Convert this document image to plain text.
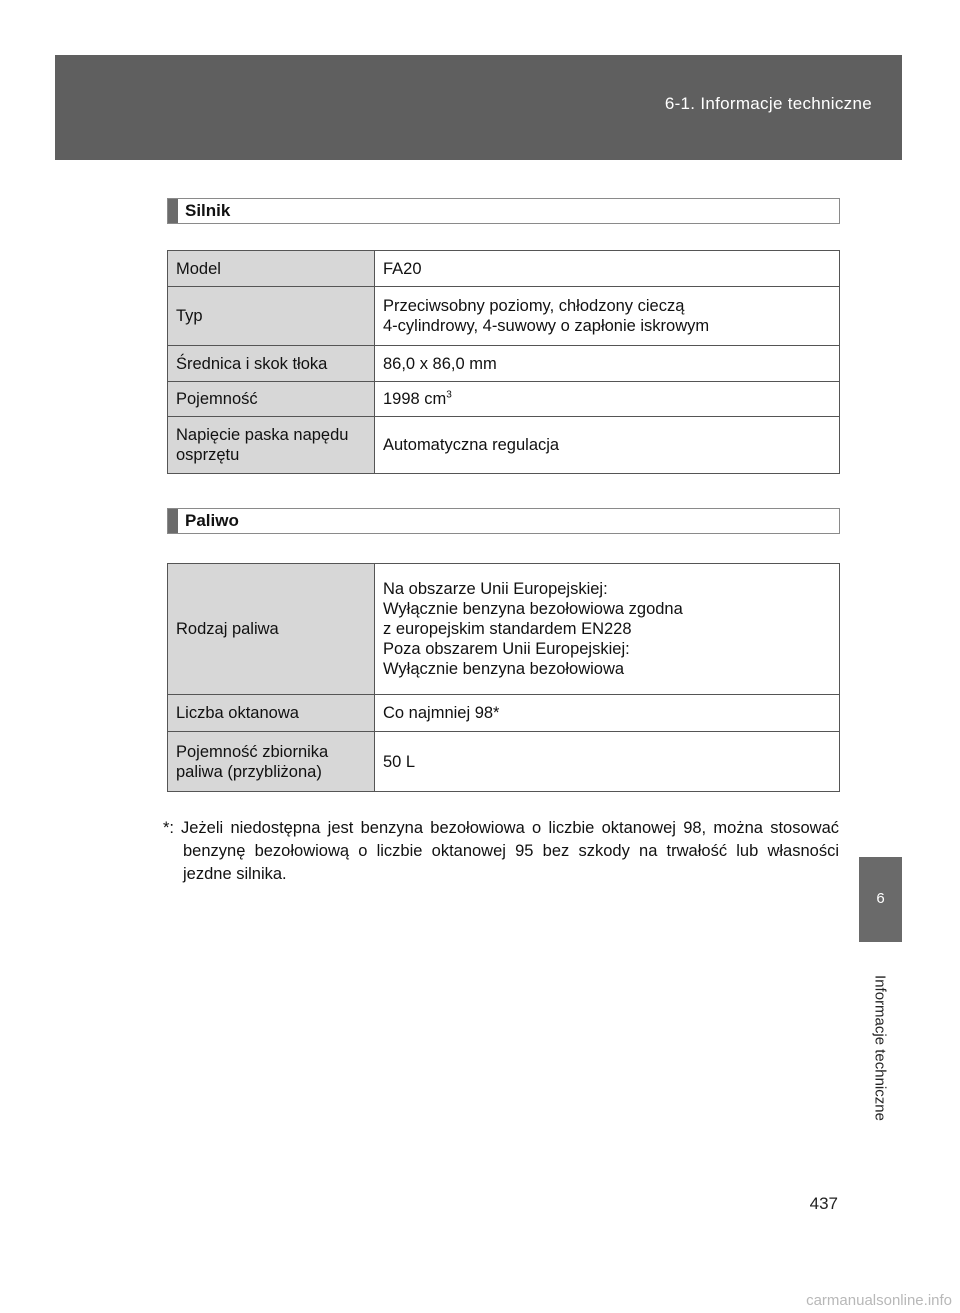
6-1. Informacje techniczne
6
Informacje techniczne
Silnik
Model	FA20
Typ	Przeciwsobny poziomy, chłodzony cieczą
4-cylindrowy, 4-suwowy o zapłonie iskrowym
Średnica i skok tłoka	86,0 x 86,0 mm
Pojemność	1998 $cm^3$
Napięcie paska napędu
osprzętu	Automatyczna regulacja
Paliwo
Rodzaj paliwa	Na obszarze Unii Europejskiej:
Wyłącznie benzyna bezołowiowa zgodna
z europejskim standardem EN228
Poza obszarem Unii Europejskiej:
Wyłącznie benzyna bezołowiowa
Liczba oktanowa	Co najmniej 98*
Pojemność zbiornika
paliwa (przybliżona)	50 L
*: Jeżeli niedostępna jest benzyna bezołowiowa o liczbie oktanowej 98, można stosować benzynę bezołowiową o liczbie oktanowej 95 bez szkody na trwałość lub własności jezdne silnika.
437
carmanualsonline.info
